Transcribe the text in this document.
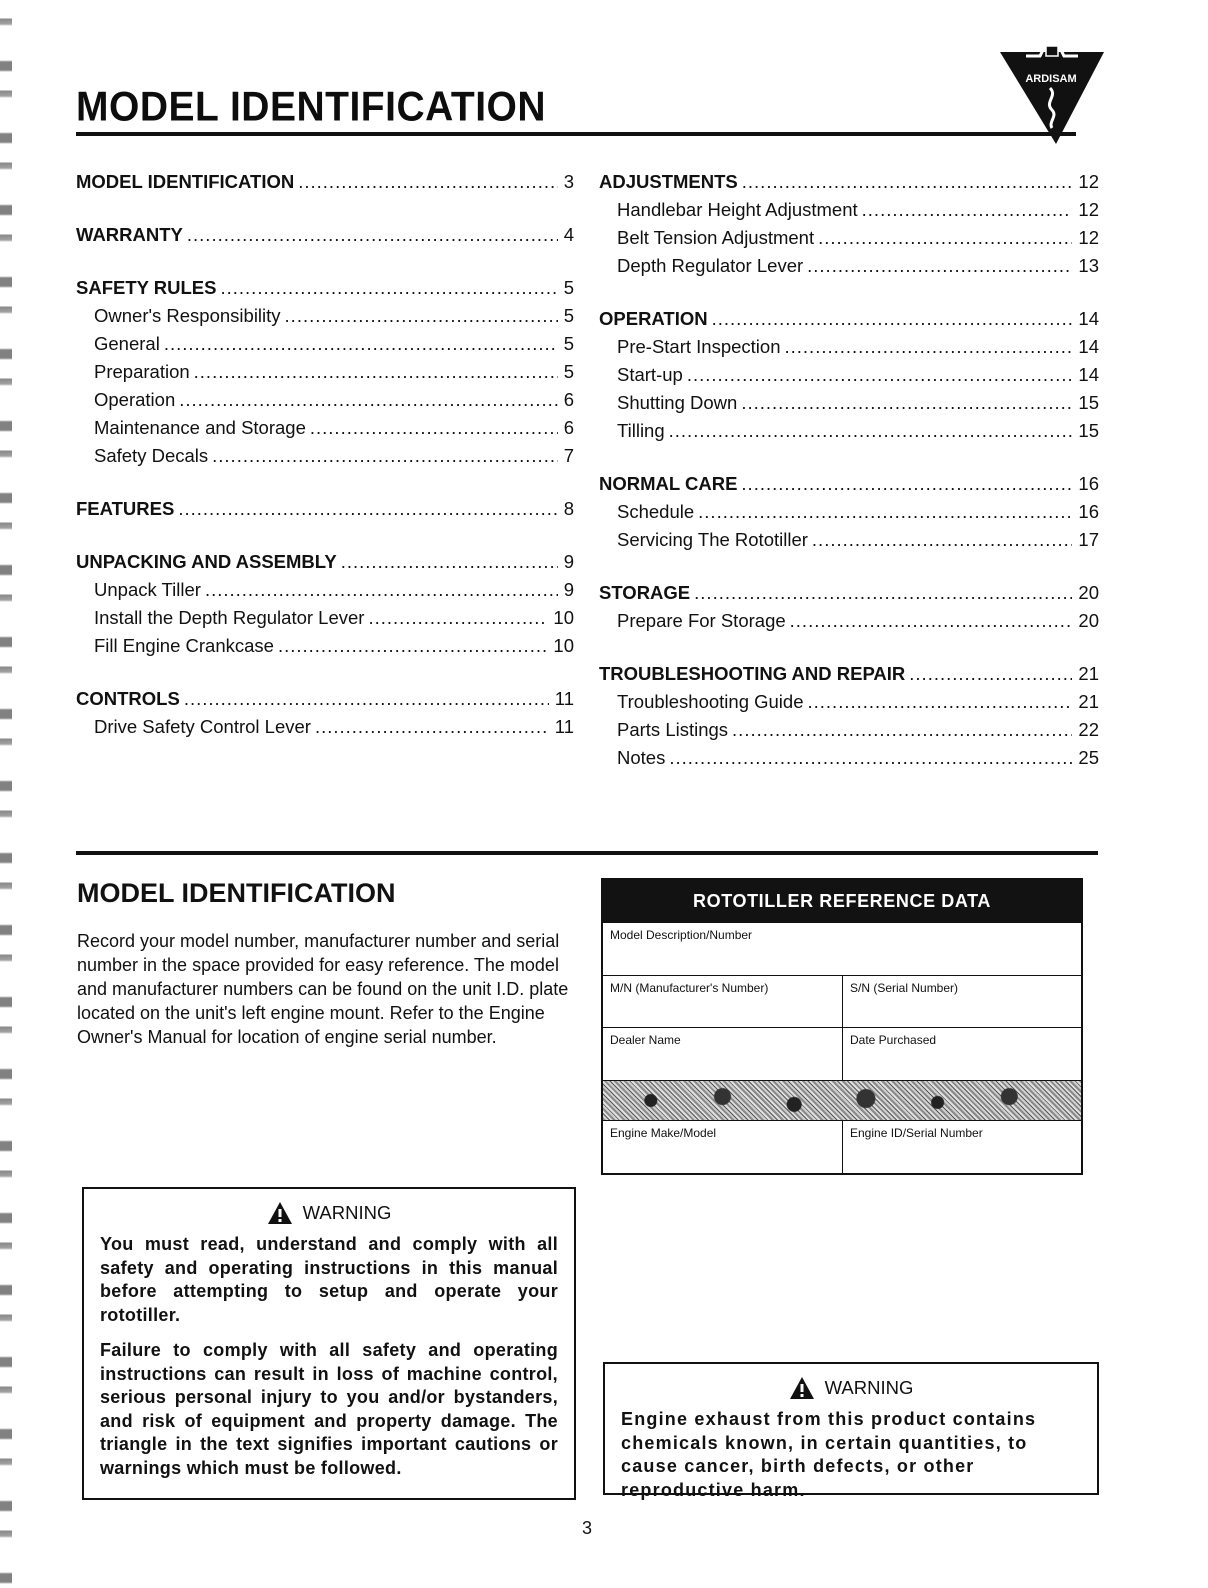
MODEL IDENTIFICATION
ARDISAM
MODEL IDENTIFICATION .....	3
WARRANTY .....	4
SAFETY RULES .....	5
Owner's Responsibility .....	5
General .....	5
Preparation .....	5
Operation .....	6
Maintenance and Storage .....	6
Safety Decals .....	7
FEATURES .....	8
UNPACKING AND ASSEMBLY .....	9
Unpack Tiller .....	9
Install the Depth Regulator Lever .....	10
Fill Engine Crankcase .....	10
CONTROLS .....	11
Drive Safety Control Lever .....	11
ADJUSTMENTS .....	12
Handlebar Height Adjustment .....	12
Belt Tension Adjustment .....	12
Depth Regulator Lever .....	13
OPERATION .....	14
Pre-Start Inspection .....	14
Start-up .....	14
Shutting Down .....	15
Tilling .....	15
NORMAL CARE .....	16
Schedule .....	16
Servicing The Rototiller .....	17
STORAGE .....	20
Prepare For Storage .....	20
TROUBLESHOOTING AND REPAIR .....	21
Troubleshooting Guide .....	21
Parts Listings .....	22
Notes .....	25
MODEL IDENTIFICATION
Record your model number, manufacturer number and serial number in the space provided for easy reference. The model and manufacturer numbers can be found on the unit I.D. plate located on the unit's left engine mount. Refer to the Engine Owner's Manual for location of engine serial number.
ROTOTILLER REFERENCE DATA
Model Description/Number
M/N (Manufacturer's Number)	S/N (Serial Number)
Dealer Name	Date Purchased
Engine Make/Model	Engine ID/Serial Number
WARNING

You must read, understand and comply with all safety and operating instructions in this manual before attempting to setup and operate your rototiller.

Failure to comply with all safety and operating instructions can result in loss of machine control, serious personal injury to you and/or bystanders, and risk of equipment and property damage. The triangle in the text signifies important cautions or warnings which must be followed.

WARNING

Engine exhaust from this product contains chemicals known, in certain quantities, to cause cancer, birth defects, or other reproductive harm.

3
